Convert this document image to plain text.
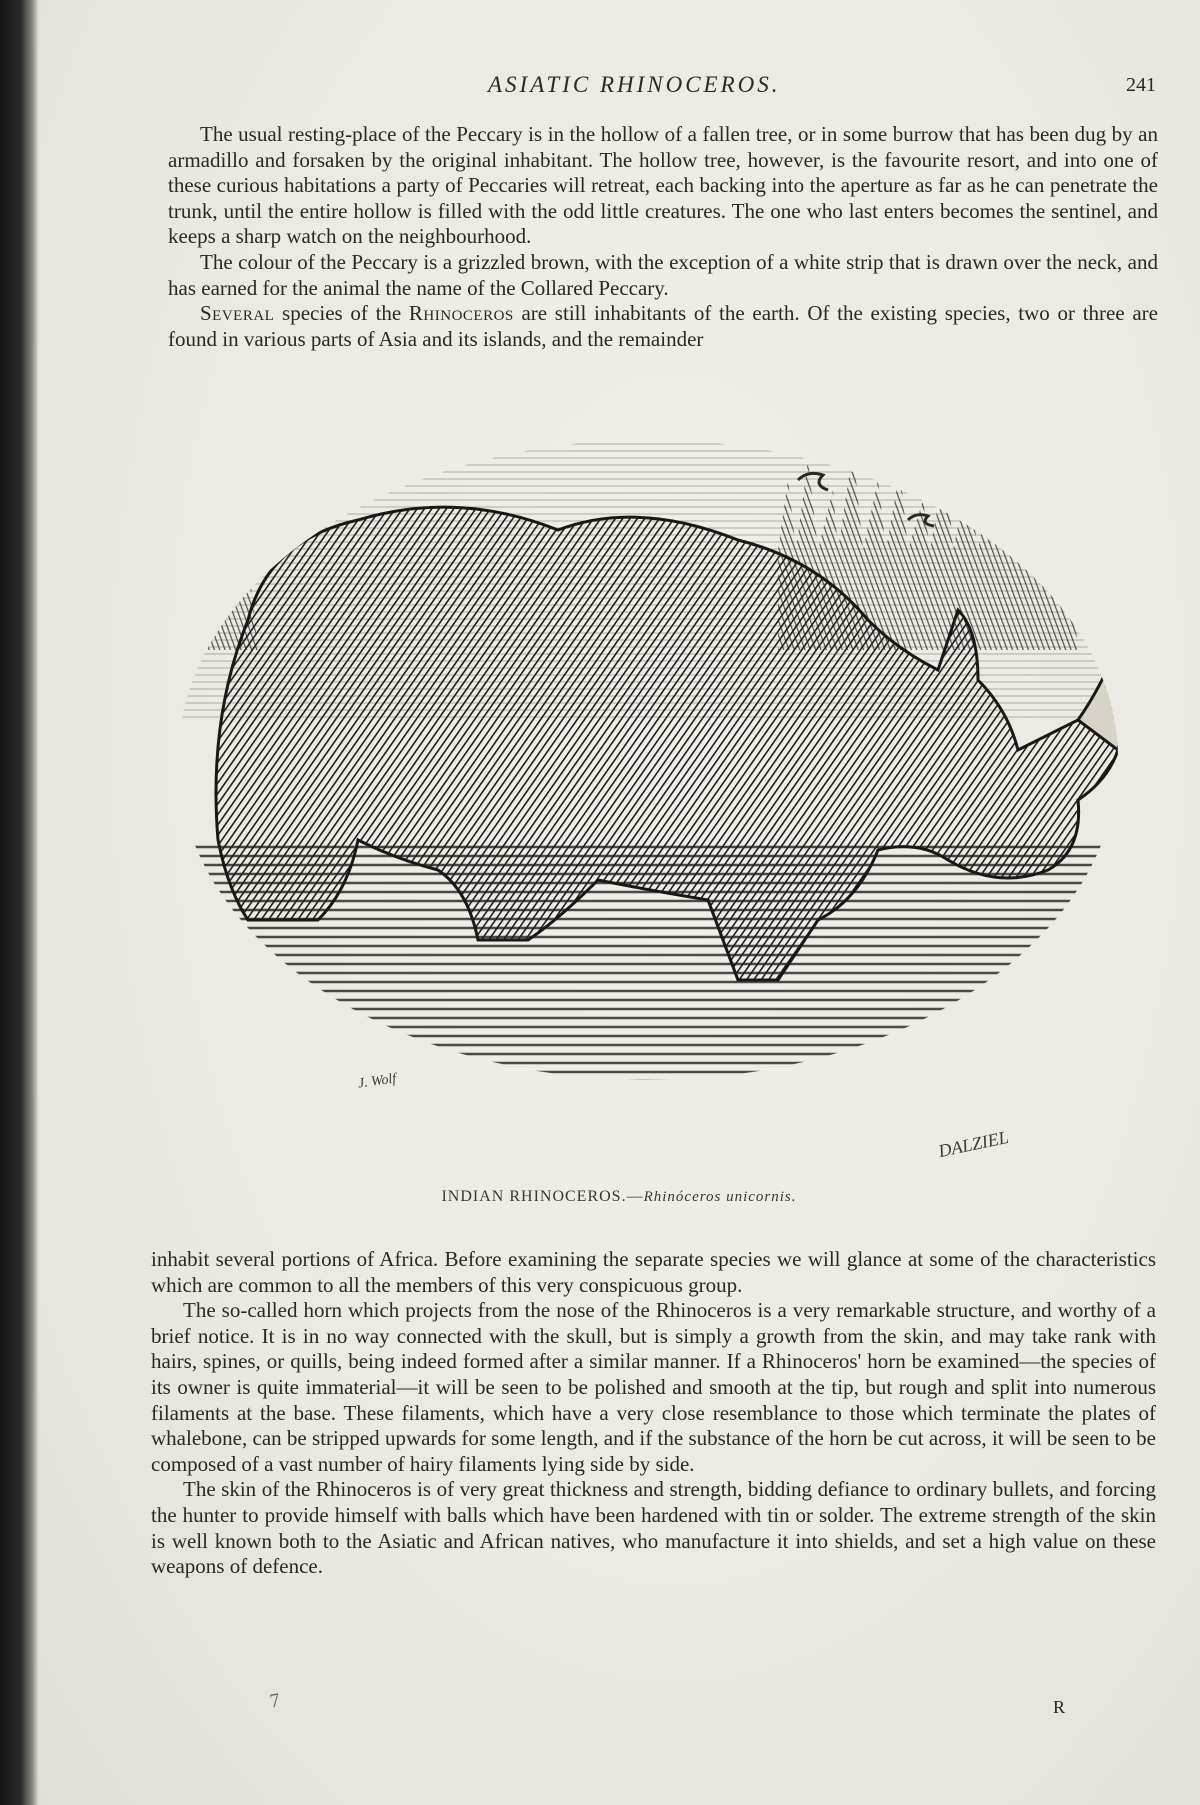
ASIATIC RHINOCEROS.	241

The usual resting-place of the Peccary is in the hollow of a fallen tree, or in some burrow that has been dug by an armadillo and forsaken by the original inhabitant. The hollow tree, however, is the favourite resort, and into one of these curious habitations a party of Peccaries will retreat, each backing into the aperture as far as he can penetrate the trunk, until the entire hollow is filled with the odd little creatures. The one who last enters becomes the sentinel, and keeps a sharp watch on the neighbourhood.

The colour of the Peccary is a grizzled brown, with the exception of a white strip that is drawn over the neck, and has earned for the animal the name of the Collared Peccary.

Several species of the Rhinoceros are still inhabitants of the earth. Of the existing species, two or three are found in various parts of Asia and its islands, and the remainder

J. Wolf
DALZIEL
INDIAN RHINOCEROS.—Rhinóceros unicornis.

inhabit several portions of Africa. Before examining the separate species we will glance at some of the characteristics which are common to all the members of this very conspicuous group.

The so-called horn which projects from the nose of the Rhinoceros is a very remarkable structure, and worthy of a brief notice. It is in no way connected with the skull, but is simply a growth from the skin, and may take rank with hairs, spines, or quills, being indeed formed after a similar manner. If a Rhinoceros' horn be examined—the species of its owner is quite immaterial—it will be seen to be polished and smooth at the tip, but rough and split into numerous filaments at the base. These filaments, which have a very close resemblance to those which terminate the plates of whalebone, can be stripped upwards for some length, and if the substance of the horn be cut across, it will be seen to be composed of a vast number of hairy filaments lying side by side.

The skin of the Rhinoceros is of very great thickness and strength, bidding defiance to ordinary bullets, and forcing the hunter to provide himself with balls which have been hardened with tin or solder. The extreme strength of the skin is well known both to the Asiatic and African natives, who manufacture it into shields, and set a high value on these weapons of defence.

7	R
